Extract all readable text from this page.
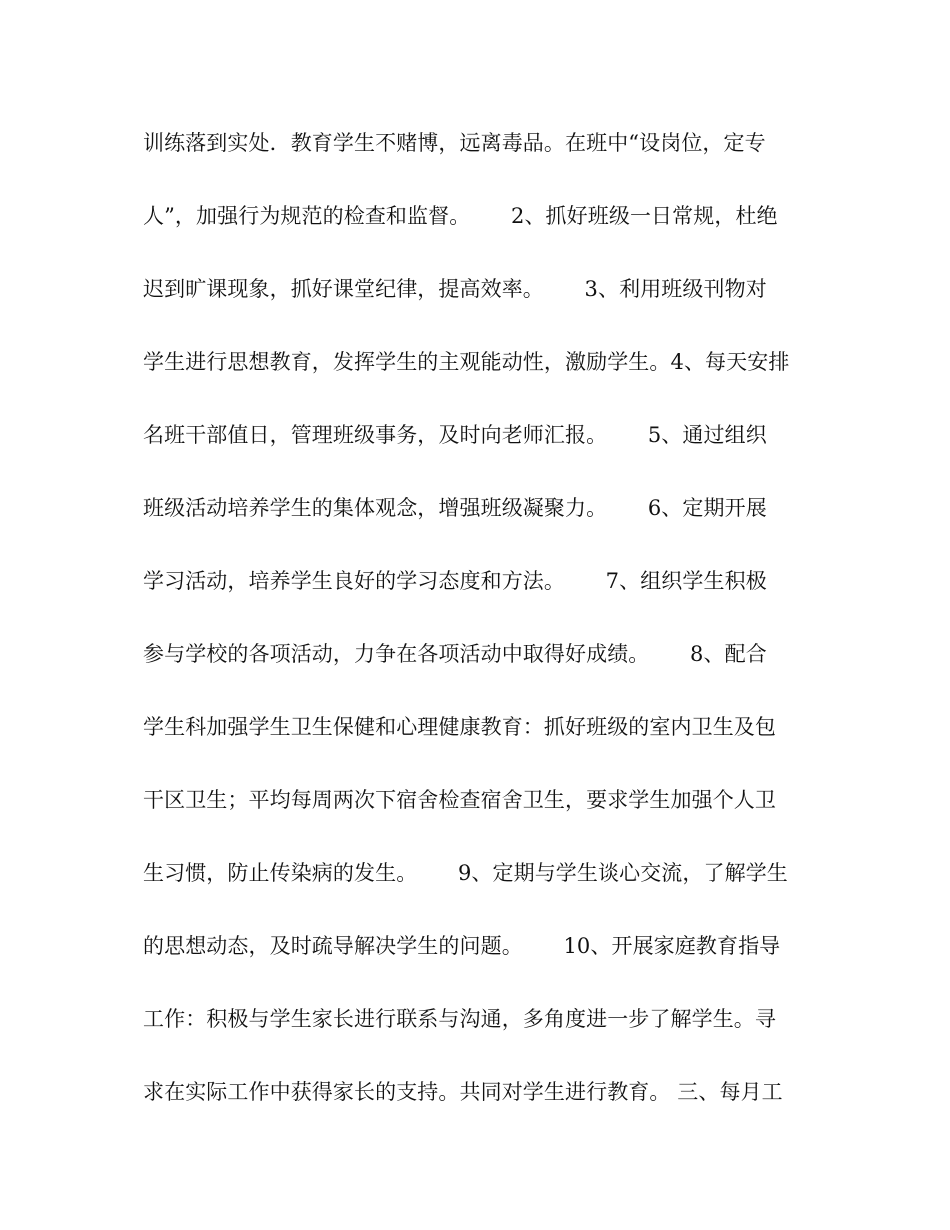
训练落到实处．教育学生不赌博，远离毒品。在班中“设岗位，定专
人”，加强行为规范的检查和监督。      2、抓好班级一日常规，杜绝
迟到旷课现象，抓好课堂纪律，提高效率。      3、利用班级刊物对
学生进行思想教育，发挥学生的主观能动性，激励学生。4、每天安排
名班干部值日，管理班级事务，及时向老师汇报。      5、通过组织
班级活动培养学生的集体观念，增强班级凝聚力。      6、定期开展
学习活动，培养学生良好的学习态度和方法。      7、组织学生积极
参与学校的各项活动，力争在各项活动中取得好成绩。      8、配合
学生科加强学生卫生保健和心理健康教育：抓好班级的室内卫生及包
干区卫生；平均每周两次下宿舍检查宿舍卫生，要求学生加强个人卫
生习惯，防止传染病的发生。      9、定期与学生谈心交流，了解学生
的思想动态，及时疏导解决学生的问题。      10、开展家庭教育指导
工作：积极与学生家长进行联系与沟通，多角度进一步了解学生。寻
求在实际工作中获得家长的支持。共同对学生进行教育。 三、每月工
